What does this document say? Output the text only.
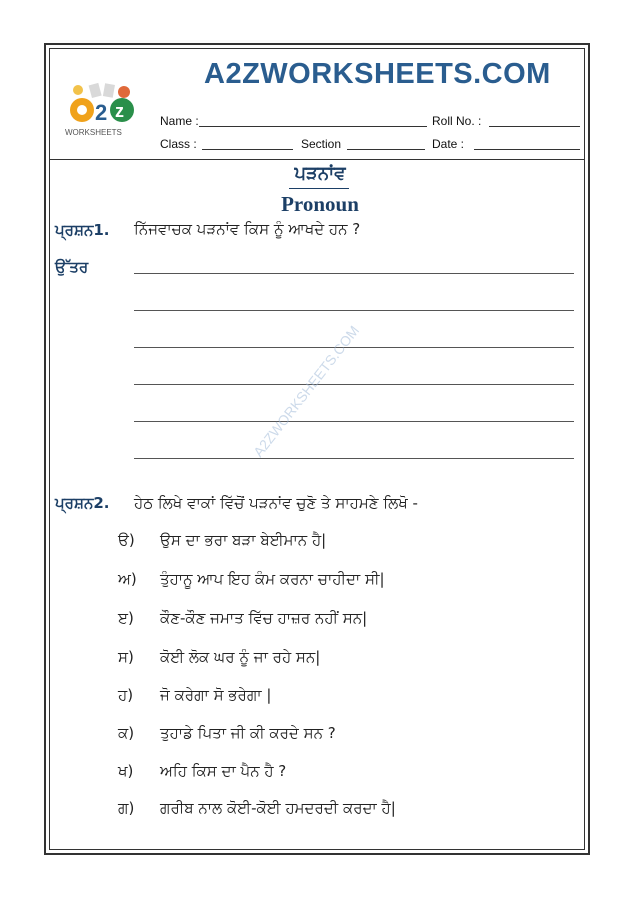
2 z
WORKSHEETS
A2ZWORKSHEETS.COM
Name :	Roll No. :
Class :	Section	Date :
ਪੜਨਾਂਵ
Pronoun
ਪ੍ਰਸ਼ਨ1. ਨਿੱਜਵਾਚਕ ਪੜਨਾਂਵ ਕਿਸ ਨੂੰ ਆਖਦੇ ਹਨ ?
ਉੱਤਰ
ਪ੍ਰਸ਼ਨ2. ਹੇਠ ਲਿਖੇ ਵਾਕਾਂ ਵਿੱਚੋਂ ਪੜਨਾਂਵ ਚੁਣੋ ਤੇ ਸਾਹਮਣੇ ਲਿਖੋ -
ੳ) ਉਸ ਦਾ ਭਰਾ ਬੜਾ ਬੇਈਮਾਨ ਹੈ|
ਅ) ਤੁੰਹਾਨੂ ਆਪ ਇਹ ਕੰਮ ਕਰਨਾ ਚਾਹੀਦਾ ਸੀ|
ੲ) ਕੌਣ-ਕੌਣ ਜਮਾਤ ਵਿੱਚ ਹਾਜ਼ਰ ਨਹੀਂ ਸਨ|
ਸ) ਕੋਈ ਲੋਕ ਘਰ ਨੂੰ ਜਾ ਰਹੇ ਸਨ|
ਹ) ਜੋ ਕਰੇਗਾ ਸੋ ਭਰੇਗਾ |
ਕ) ਤੁਹਾਡੇ ਪਿਤਾ ਜੀ ਕੀ ਕਰਦੇ ਸਨ ?
ਖ) ਅਹਿ ਕਿਸ ਦਾ ਪੈਨ ਹੈ ?
ਗ) ਗਰੀਬ ਨਾਲ ਕੋਈ-ਕੋਈ ਹਮਦਰਦੀ ਕਰਦਾ ਹੈ|
A2ZWORKSHEETS.COM
